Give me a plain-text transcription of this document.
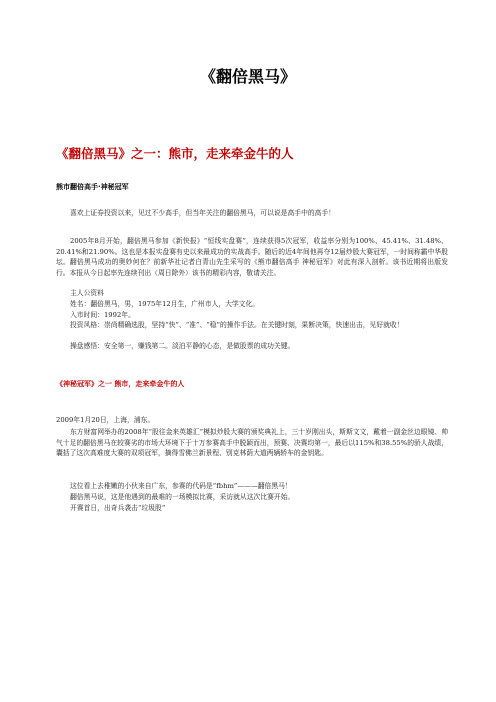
《翻倍黑马》
《翻倍黑马》之一：熊市，走来牵金牛的人
熊市翻倍高手·神秘冠军

喜欢上证券投资以来，见过不少高手，但当年关注的翻倍黑马，可以说是高手中的高手！

2005年8月开始，翻倍黑马参加《新快报》“恒线实盘赛”，连续获得5次冠军，收益率分别为100%、45.41%、31.48%、20.41%和21.90%。这也是本报实盘赛有史以来最成功的实战高手。随后的近4年间他再夺12届炒股大赛冠军，一时间称霸中华股坛。翻倍黑马成功的奥妙何在？前新华社记者白青山先生采写的《熊市翻倍高手 神秘冠军》对此有深入剖析。该书近期将出版发行。本报从今日起率先连续刊出（周日除外）该书的精彩内容，敬请关注。

主人公资料
姓名：翻倍黑马，男，1975年12月生，广州市人，大学文化。
入市时间：1992年。

投资风格：崇尚精确选股，坚持“快”、“准”、“稳”的操作手法。在关键时刻，果断决策，快速出击，见好就收！

操盘感悟：安全第一，赚钱第二。淡泊平静的心态，是做股票的成功关键。
《神秘冠军》之一 熊市，走来牵金牛的人
2009年1月20日，上海，浦东。

东方财富网举办的2008年“股往金来英雄汇”模拟炒股大赛的颁奖典礼上，三十岁刚出头，斯斯文文，戴着一副金丝边眼镜、帅气十足的翻倍黑马在较赛劣的市场大环境下于十万参赛高手中脱颖而出，预赛、决赛均第一，最后以115%和38.55%的骄人战绩，囊括了这次高难度大赛的双项冠军，摘得雪佛兰新景程、别克林荫大道两辆轿车的金钥匙。

这位看上去稚嫩的小伙来自广东，参赛的代码是“fbhm”———翻倍黑马！
翻倍黑马说，这是他遇到的最难的一场模拟比赛，采访就从这次比赛开始。
开赛首日，出奇兵袭击“垃圾股”
